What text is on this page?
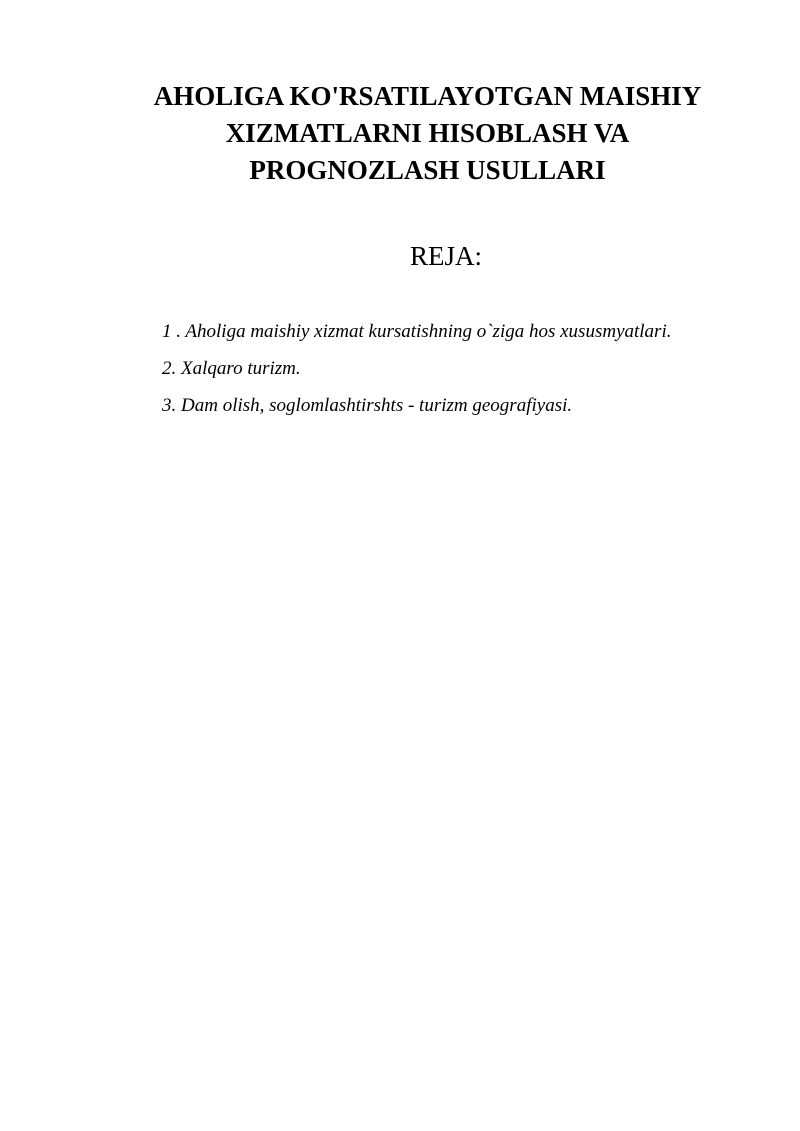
AHOLIGA KO'RSATILAYOTGAN MAISHIY
XIZMATLARNI HISOBLASH VA
PROGNOZLASH USULLARI
REJA:
1 . Aholiga maishiy xizmat kursatishning o`ziga hos xususmyatlari.
2. Xalqaro turizm.
3. Dam olish, soglomlashtirshts - turizm geografiyasi.
